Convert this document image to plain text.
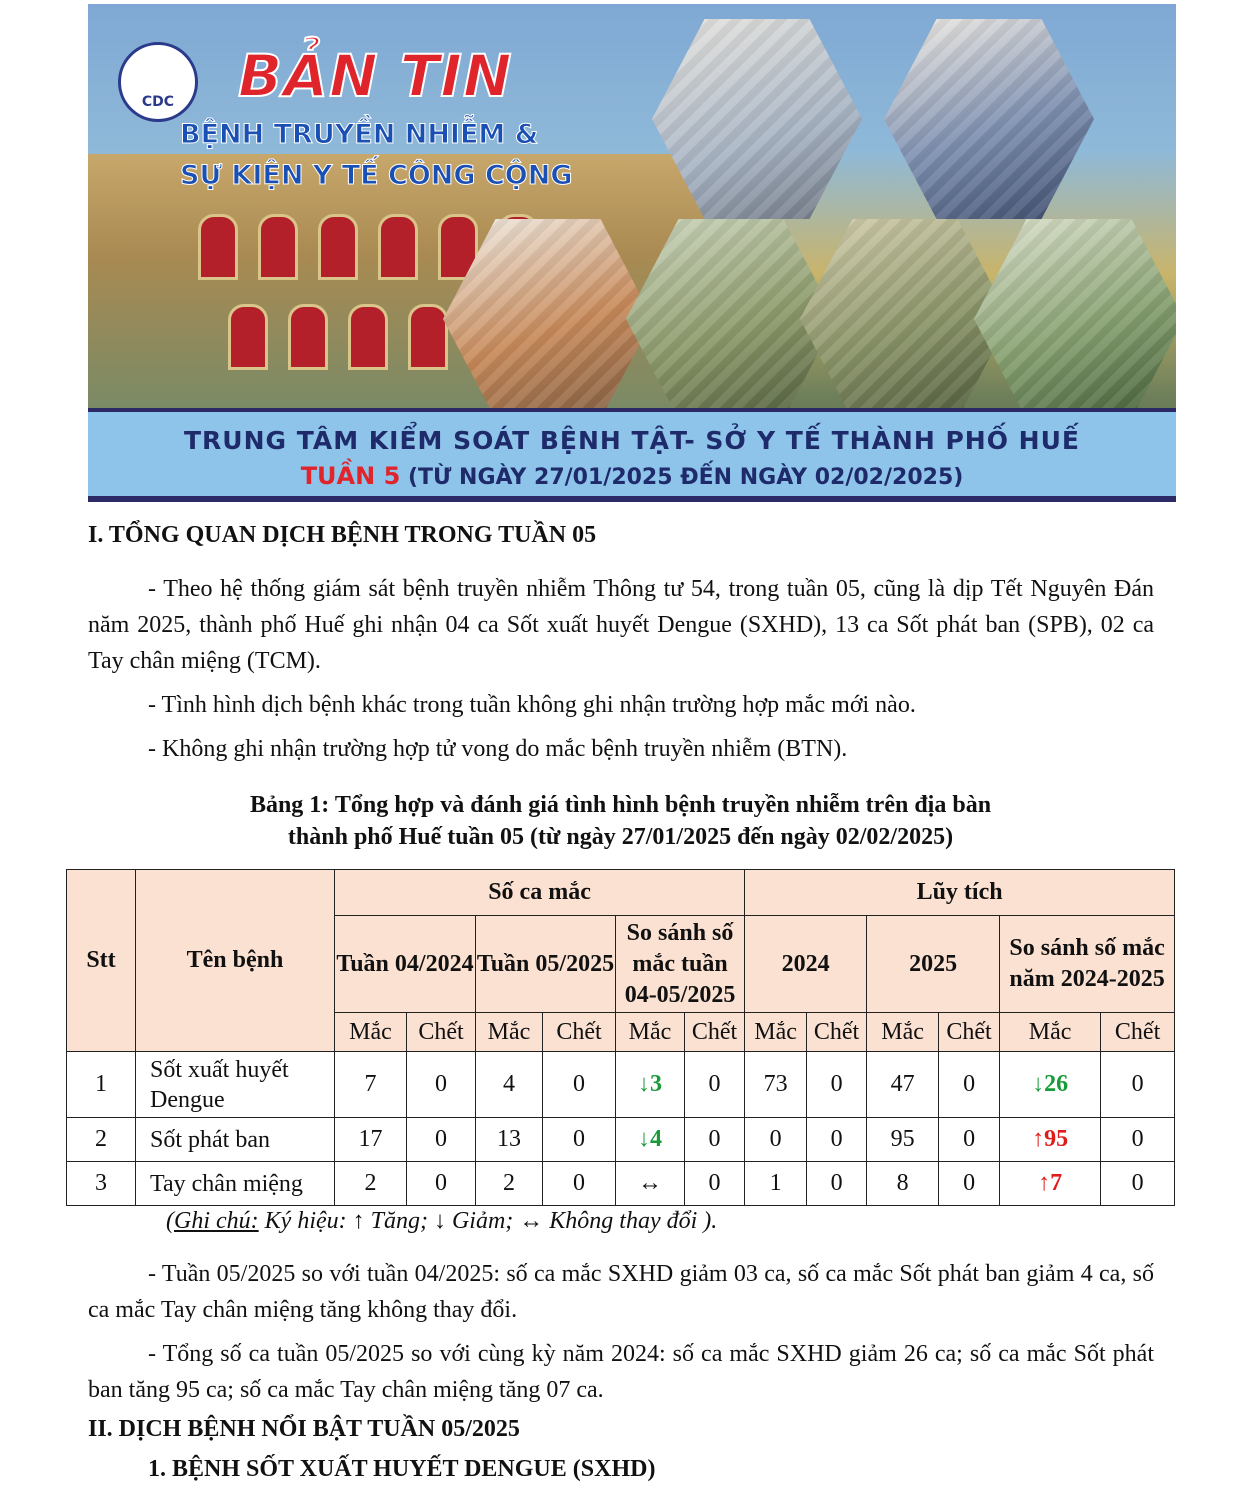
CDC BẢN TIN
BỆNH TRUYỀN NHIỄM &
SỰ KIỆN Y TẾ CÔNG CỘNG
TRUNG TÂM KIỂM SOÁT BỆNH TẬT- SỞ Y TẾ THÀNH PHỐ HUẾ
TUẦN 5 (TỪ NGÀY 27/01/2025 ĐẾN NGÀY 02/02/2025)
I. TỔNG QUAN DỊCH BỆNH TRONG TUẦN 05
- Theo hệ thống giám sát bệnh truyền nhiễm Thông tư 54, trong tuần 05, cũng là dịp Tết Nguyên Đán năm 2025, thành phố Huế ghi nhận 04 ca Sốt xuất huyết Dengue (SXHD), 13 ca Sốt phát ban (SPB), 02 ca Tay chân miệng (TCM).
- Tình hình dịch bệnh khác trong tuần không ghi nhận trường hợp mắc mới nào.
- Không ghi nhận trường hợp tử vong do mắc bệnh truyền nhiễm (BTN).
Bảng 1: Tổng hợp và đánh giá tình hình bệnh truyền nhiễm trên địa bàn
thành phố Huế tuần 05 (từ ngày 27/01/2025 đến ngày 02/02/2025)
Stt	Tên bệnh	Số ca mắc						Lũy tích					
		Tuần 04/2024		Tuần 05/2025		So sánh số mắc tuần 04-05/2025		2024		2025		So sánh số mắc năm 2024-2025	
		Mắc	Chết	Mắc	Chết	Mắc	Chết	Mắc	Chết	Mắc	Chết	Mắc	Chết
1	Sốt xuất huyết Dengue	7	0	4	0	↓3	0	73	0	47	0	↓26	0
2	Sốt phát ban	17	0	13	0	↓4	0	0	0	95	0	↑95	0
3	Tay chân miệng	2	0	2	0	↔	0	1	0	8	0	↑7	0
(Ghi chú: Ký hiệu: ↑ Tăng; ↓ Giảm; ↔ Không thay đổi ).
- Tuần 05/2025 so với tuần 04/2025: số ca mắc SXHD giảm 03 ca, số ca mắc Sốt phát ban giảm 4 ca, số ca mắc Tay chân miệng tăng không thay đổi.
- Tổng số ca tuần 05/2025 so với cùng kỳ năm 2024: số ca mắc SXHD giảm 26 ca; số ca mắc Sốt phát ban tăng 95 ca; số ca mắc Tay chân miệng tăng 07 ca.
II. DỊCH BỆNH NỔI BẬT TUẦN 05/2025
1. BỆNH SỐT XUẤT HUYẾT DENGUE (SXHD)
